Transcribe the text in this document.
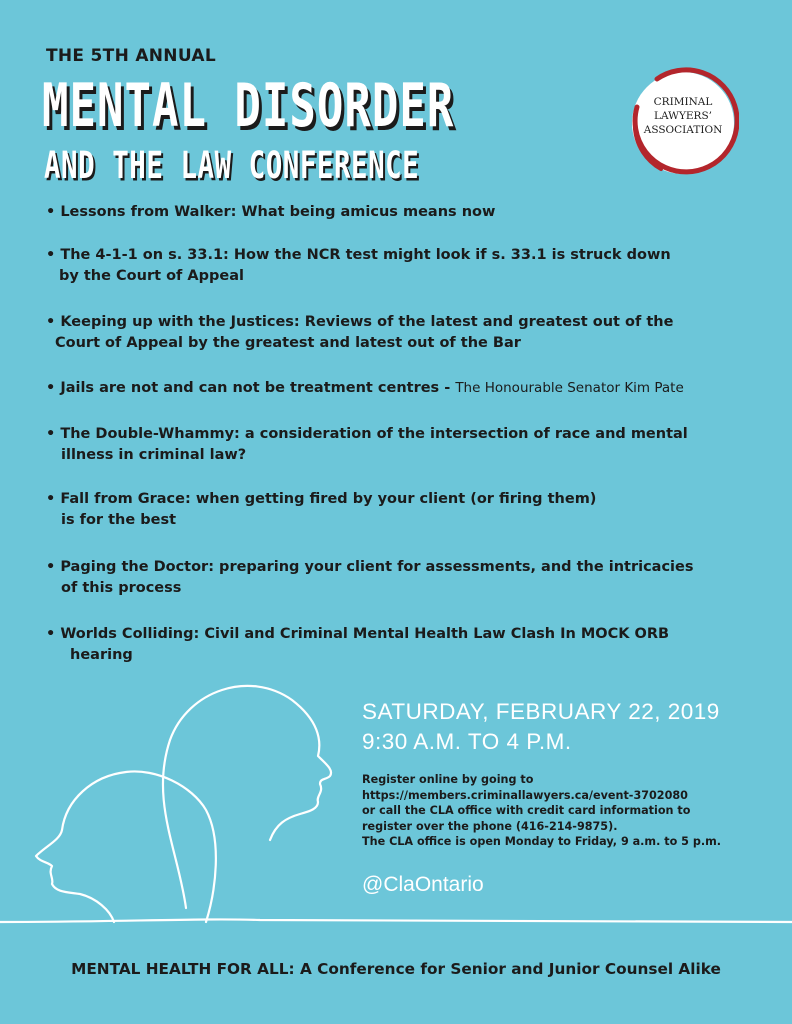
THE 5TH ANNUAL
MENTAL DISORDER
AND THE LAW CONFERENCE
CRIMINAL
LAWYERS’
ASSOCIATION
• Lessons from Walker: What being amicus means now
• The 4-1-1 on s. 33.1: How the NCR test might look if s. 33.1 is struck down
by the Court of Appeal
• Keeping up with the Justices: Reviews of the latest and greatest out of the
Court of Appeal by the greatest and latest out of the Bar
• Jails are not and can not be treatment centres - The Honourable Senator Kim Pate
• The Double-Whammy: a consideration of the intersection of race and mental
illness in criminal law?
• Fall from Grace: when getting fired by your client (or firing them)
is for the best
• Paging the Doctor: preparing your client for assessments, and the intricacies
of this process
• Worlds Colliding: Civil and Criminal Mental Health Law Clash In MOCK ORB
hearing
SATURDAY, FEBRUARY 22, 2019
9:30 A.M. TO 4 P.M.
Register online by going to
https://members.criminallawyers.ca/event-3702080
or call the CLA office with credit card information to
register over the phone (416-214-9875).
The CLA office is open Monday to Friday, 9 a.m. to 5 p.m.
@ClaOntario
MENTAL HEALTH FOR ALL: A Conference for Senior and Junior Counsel Alike
